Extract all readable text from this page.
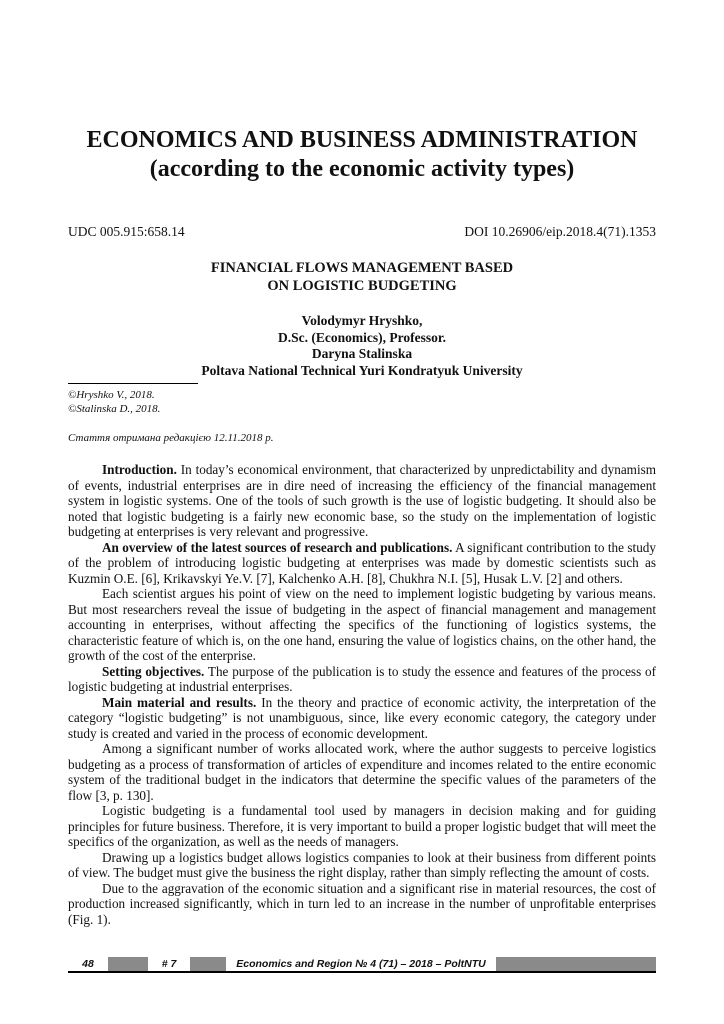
ECONOMICS AND BUSINESS ADMINISTRATION
(according to the economic activity types)
UDC 005.915:658.14	DOI 10.26906/eip.2018.4(71).1353
FINANCIAL FLOWS MANAGEMENT BASED
ON LOGISTIC BUDGETING
Volodymyr Hryshko,
D.Sc. (Economics), Professor.
Daryna Stalinska
Poltava National Technical Yuri Kondratyuk University
©Hryshko V., 2018.
©Stalinska D., 2018.
Стаття отримана редакцією 12.11.2018 р.

Introduction. In today’s economical environment, that characterized by unpredictability and dynamism of events, industrial enterprises are in dire need of increasing the efficiency of the financial management system in logistic systems. One of the tools of such growth is the use of logistic budgeting. It should also be noted that logistic budgeting is a fairly new economic base, so the study on the implementation of logistic budgeting at enterprises is very relevant and progressive.

An overview of the latest sources of research and publications. A significant contribution to the study of the problem of introducing logistic budgeting at enterprises was made by domestic scientists such as Kuzmin O.E. [6], Krikavskyi Ye.V. [7], Kalchenko A.H. [8], Chukhra N.I. [5], Husak L.V. [2] and others.

Each scientist argues his point of view on the need to implement logistic budgeting by various means. But most researchers reveal the issue of budgeting in the aspect of financial management and management accounting in enterprises, without affecting the specifics of the functioning of logistics systems, the characteristic feature of which is, on the one hand, ensuring the value of logistics chains, on the other hand, the growth of the cost of the enterprise.

Setting objectives. The purpose of the publication is to study the essence and features of the process of logistic budgeting at industrial enterprises.

Main material and results. In the theory and practice of economic activity, the interpretation of the category “logistic budgeting” is not unambiguous, since, like every economic category, the category under study is created and varied in the process of economic development.

Among a significant number of works allocated work, where the author suggests to perceive logistics budgeting as a process of transformation of articles of expenditure and incomes related to the entire economic system of the traditional budget in the indicators that determine the specific values of the parameters of the flow [3, p. 130].

Logistic budgeting is a fundamental tool used by managers in decision making and for guiding principles for future business. Therefore, it is very important to build a proper logistic budget that will meet the specifics of the organization, as well as the needs of managers.

Drawing up a logistics budget allows logistics companies to look at their business from different points of view. The budget must give the business the right display, rather than simply reflecting the amount of costs.

Due to the aggravation of the economic situation and a significant rise in material resources, the cost of production increased significantly, which in turn led to an increase in the number of unprofitable enterprises (Fig. 1).

48	# 7	Economics and Region № 4 (71) – 2018 – PoltNTU
